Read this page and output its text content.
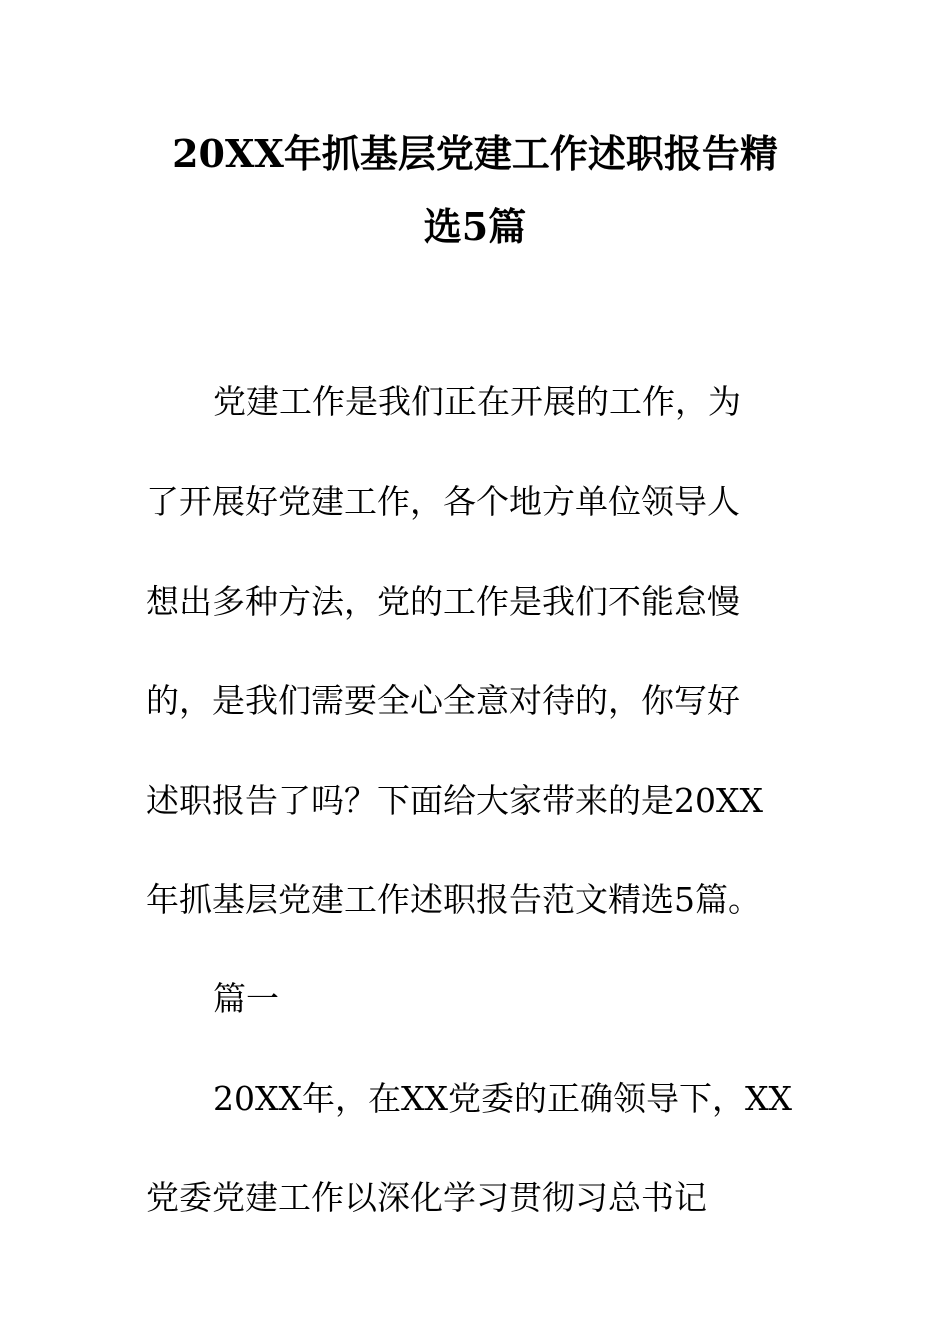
20XX年抓基层党建工作述职报告精
选5篇
党建工作是我们正在开展的工作，为
了开展好党建工作，各个地方单位领导人
想出多种方法，党的工作是我们不能怠慢
的，是我们需要全心全意对待的，你写好
述职报告了吗？下面给大家带来的是20XX
年抓基层党建工作述职报告范文精选5篇。
篇一
20XX年，在XX党委的正确领导下，XX
党委党建工作以深化学习贯彻习总书记
